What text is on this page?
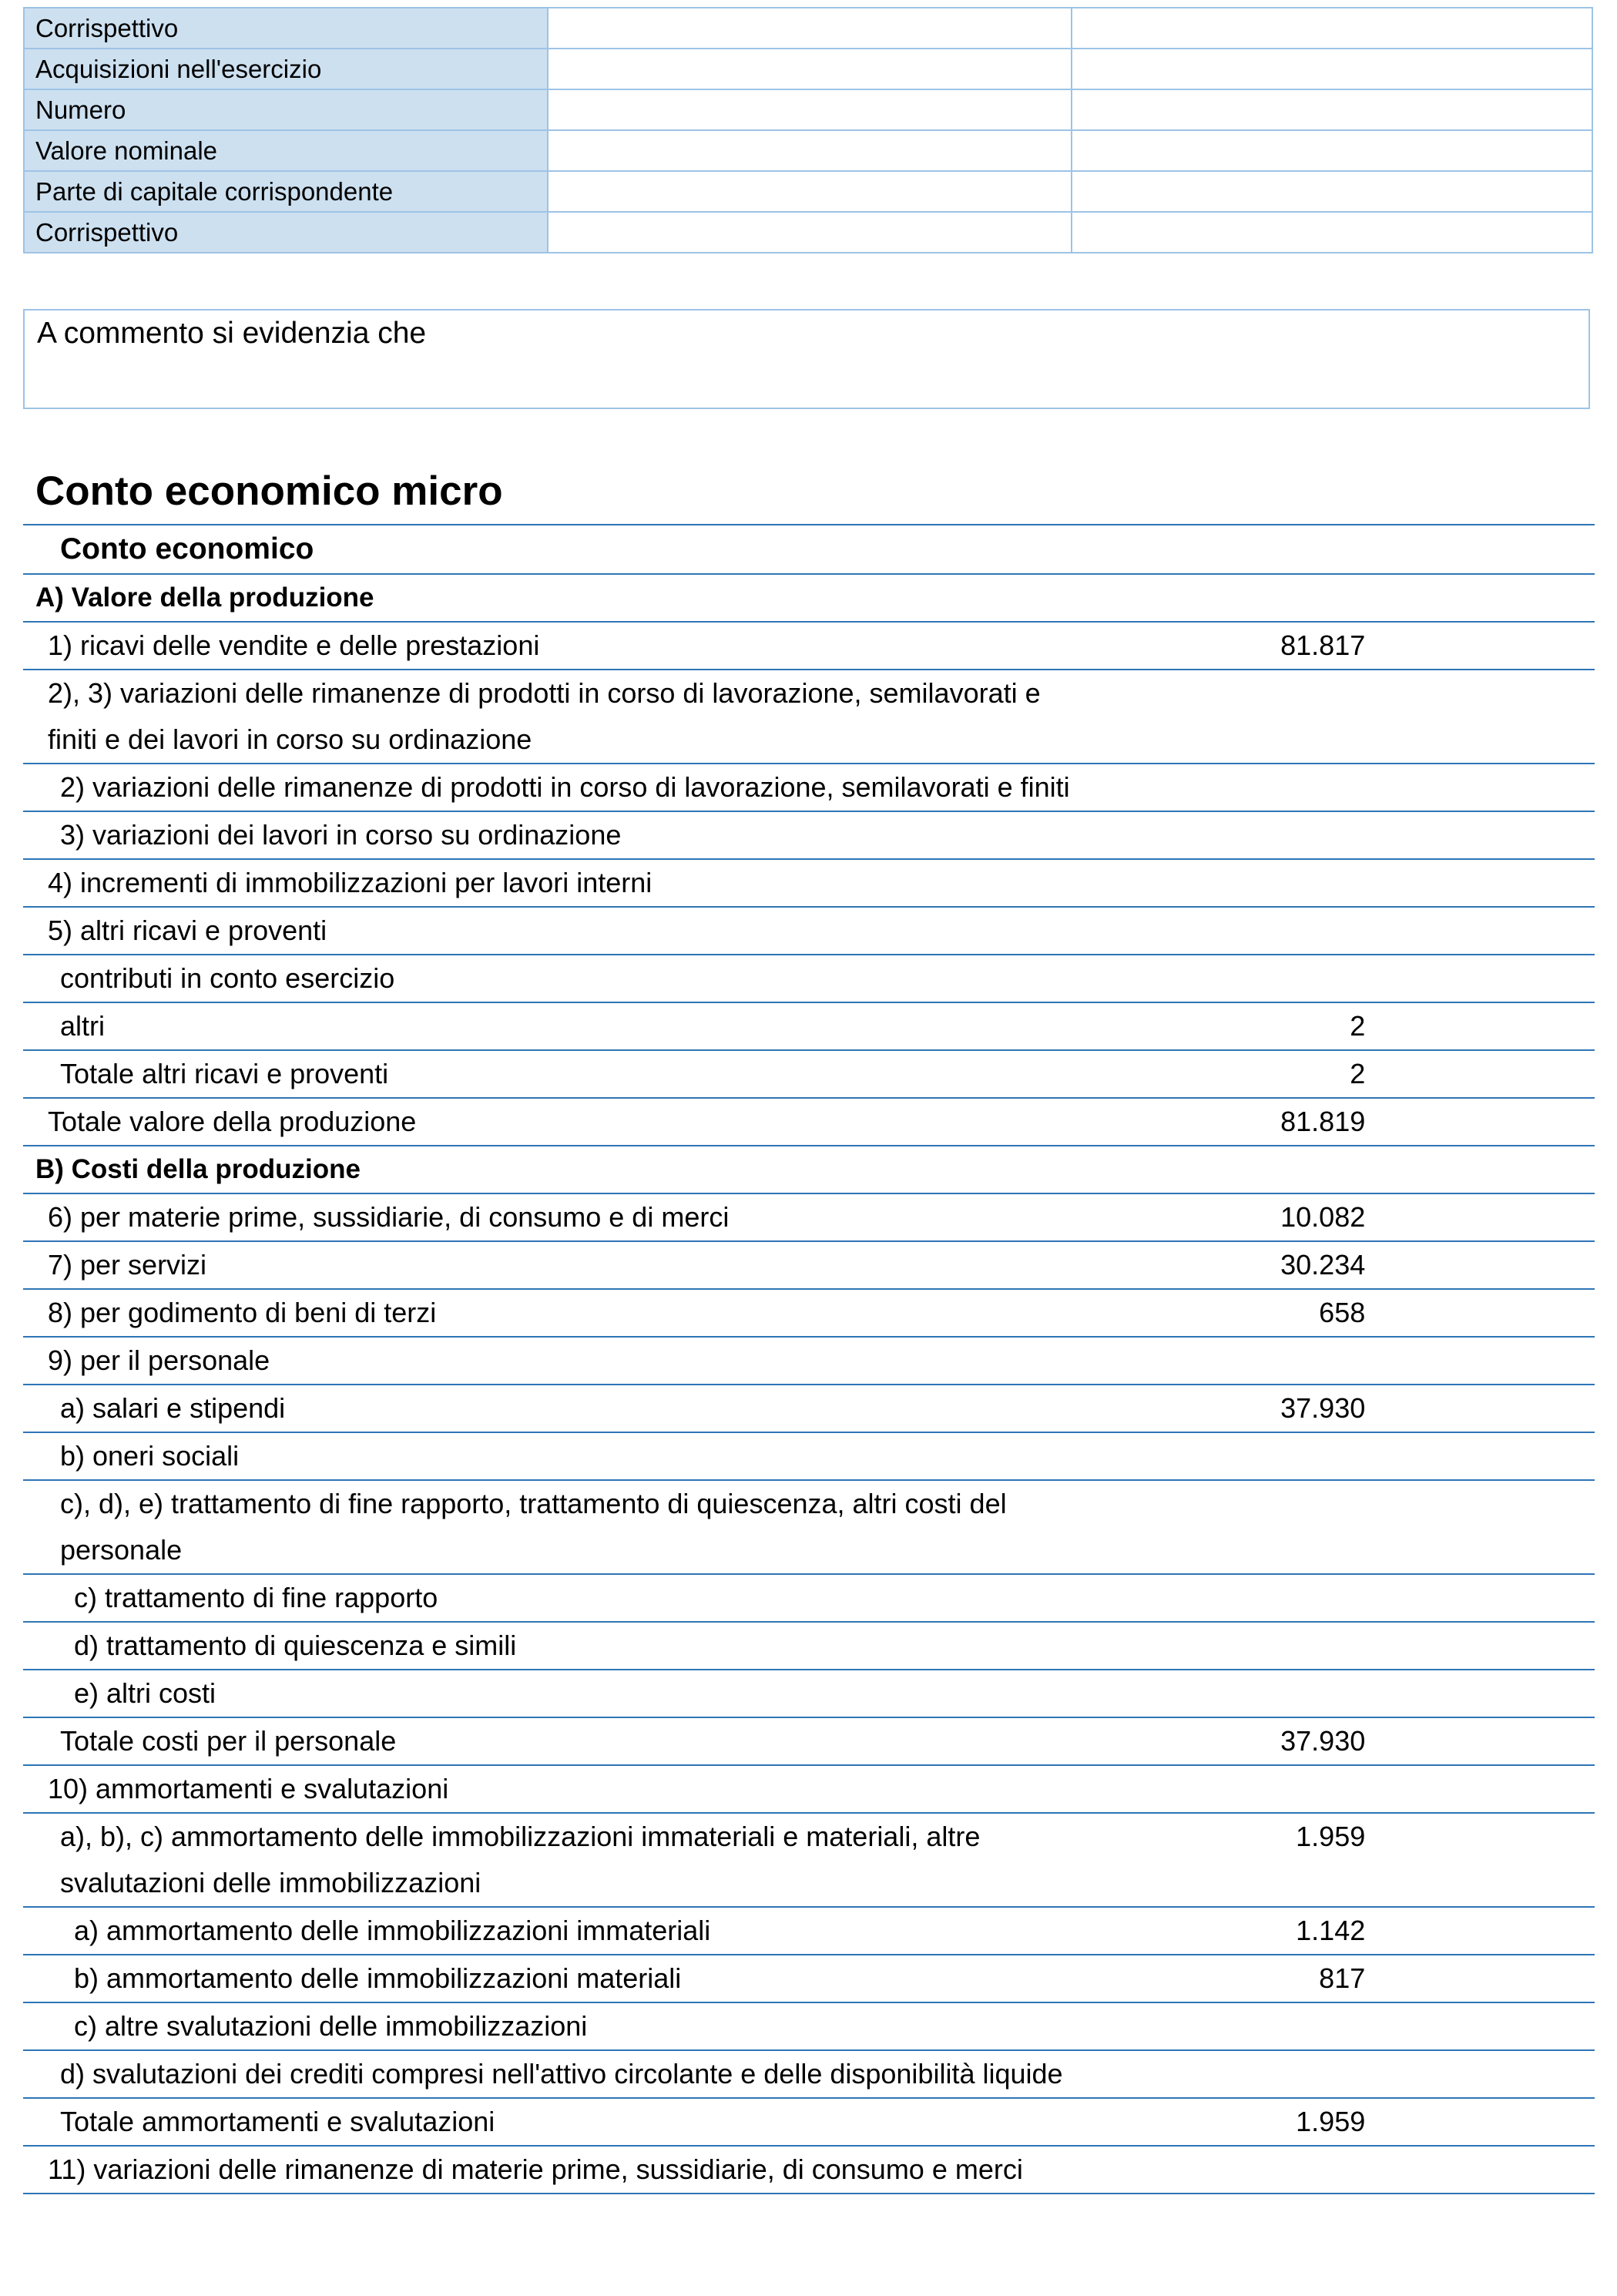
Corrispettivo		
Acquisizioni nell'esercizio		
Numero		
Valore nominale		
Parte di capitale corrispondente		
Corrispettivo		
A commento si evidenzia che
Conto economico micro
Conto economico		
A) Valore della produzione		
1) ricavi delle vendite e delle prestazioni	81.817	
2), 3) variazioni delle rimanenze di prodotti in corso di lavorazione, semilavorati e finiti e dei lavori in corso su ordinazione		
2) variazioni delle rimanenze di prodotti in corso di lavorazione, semilavorati e finiti		
3) variazioni dei lavori in corso su ordinazione		
4) incrementi di immobilizzazioni per lavori interni		
5) altri ricavi e proventi		
contributi in conto esercizio		
altri	2	
Totale altri ricavi e proventi	2	
Totale valore della produzione	81.819	
B) Costi della produzione		
6) per materie prime, sussidiarie, di consumo e di merci	10.082	
7) per servizi	30.234	
8) per godimento di beni di terzi	658	
9) per il personale		
a) salari e stipendi	37.930	
b) oneri sociali		
c), d), e) trattamento di fine rapporto, trattamento di quiescenza, altri costi del personale		
c) trattamento di fine rapporto		
d) trattamento di quiescenza e simili		
e) altri costi		
Totale costi per il personale	37.930	
10) ammortamenti e svalutazioni		
a), b), c) ammortamento delle immobilizzazioni immateriali e materiali, altre svalutazioni delle immobilizzazioni	1.959	
a) ammortamento delle immobilizzazioni immateriali	1.142	
b) ammortamento delle immobilizzazioni materiali	817	
c) altre svalutazioni delle immobilizzazioni		
d) svalutazioni dei crediti compresi nell'attivo circolante e delle disponibilità liquide		
Totale ammortamenti e svalutazioni	1.959	
11) variazioni delle rimanenze di materie prime, sussidiarie, di consumo e merci		
